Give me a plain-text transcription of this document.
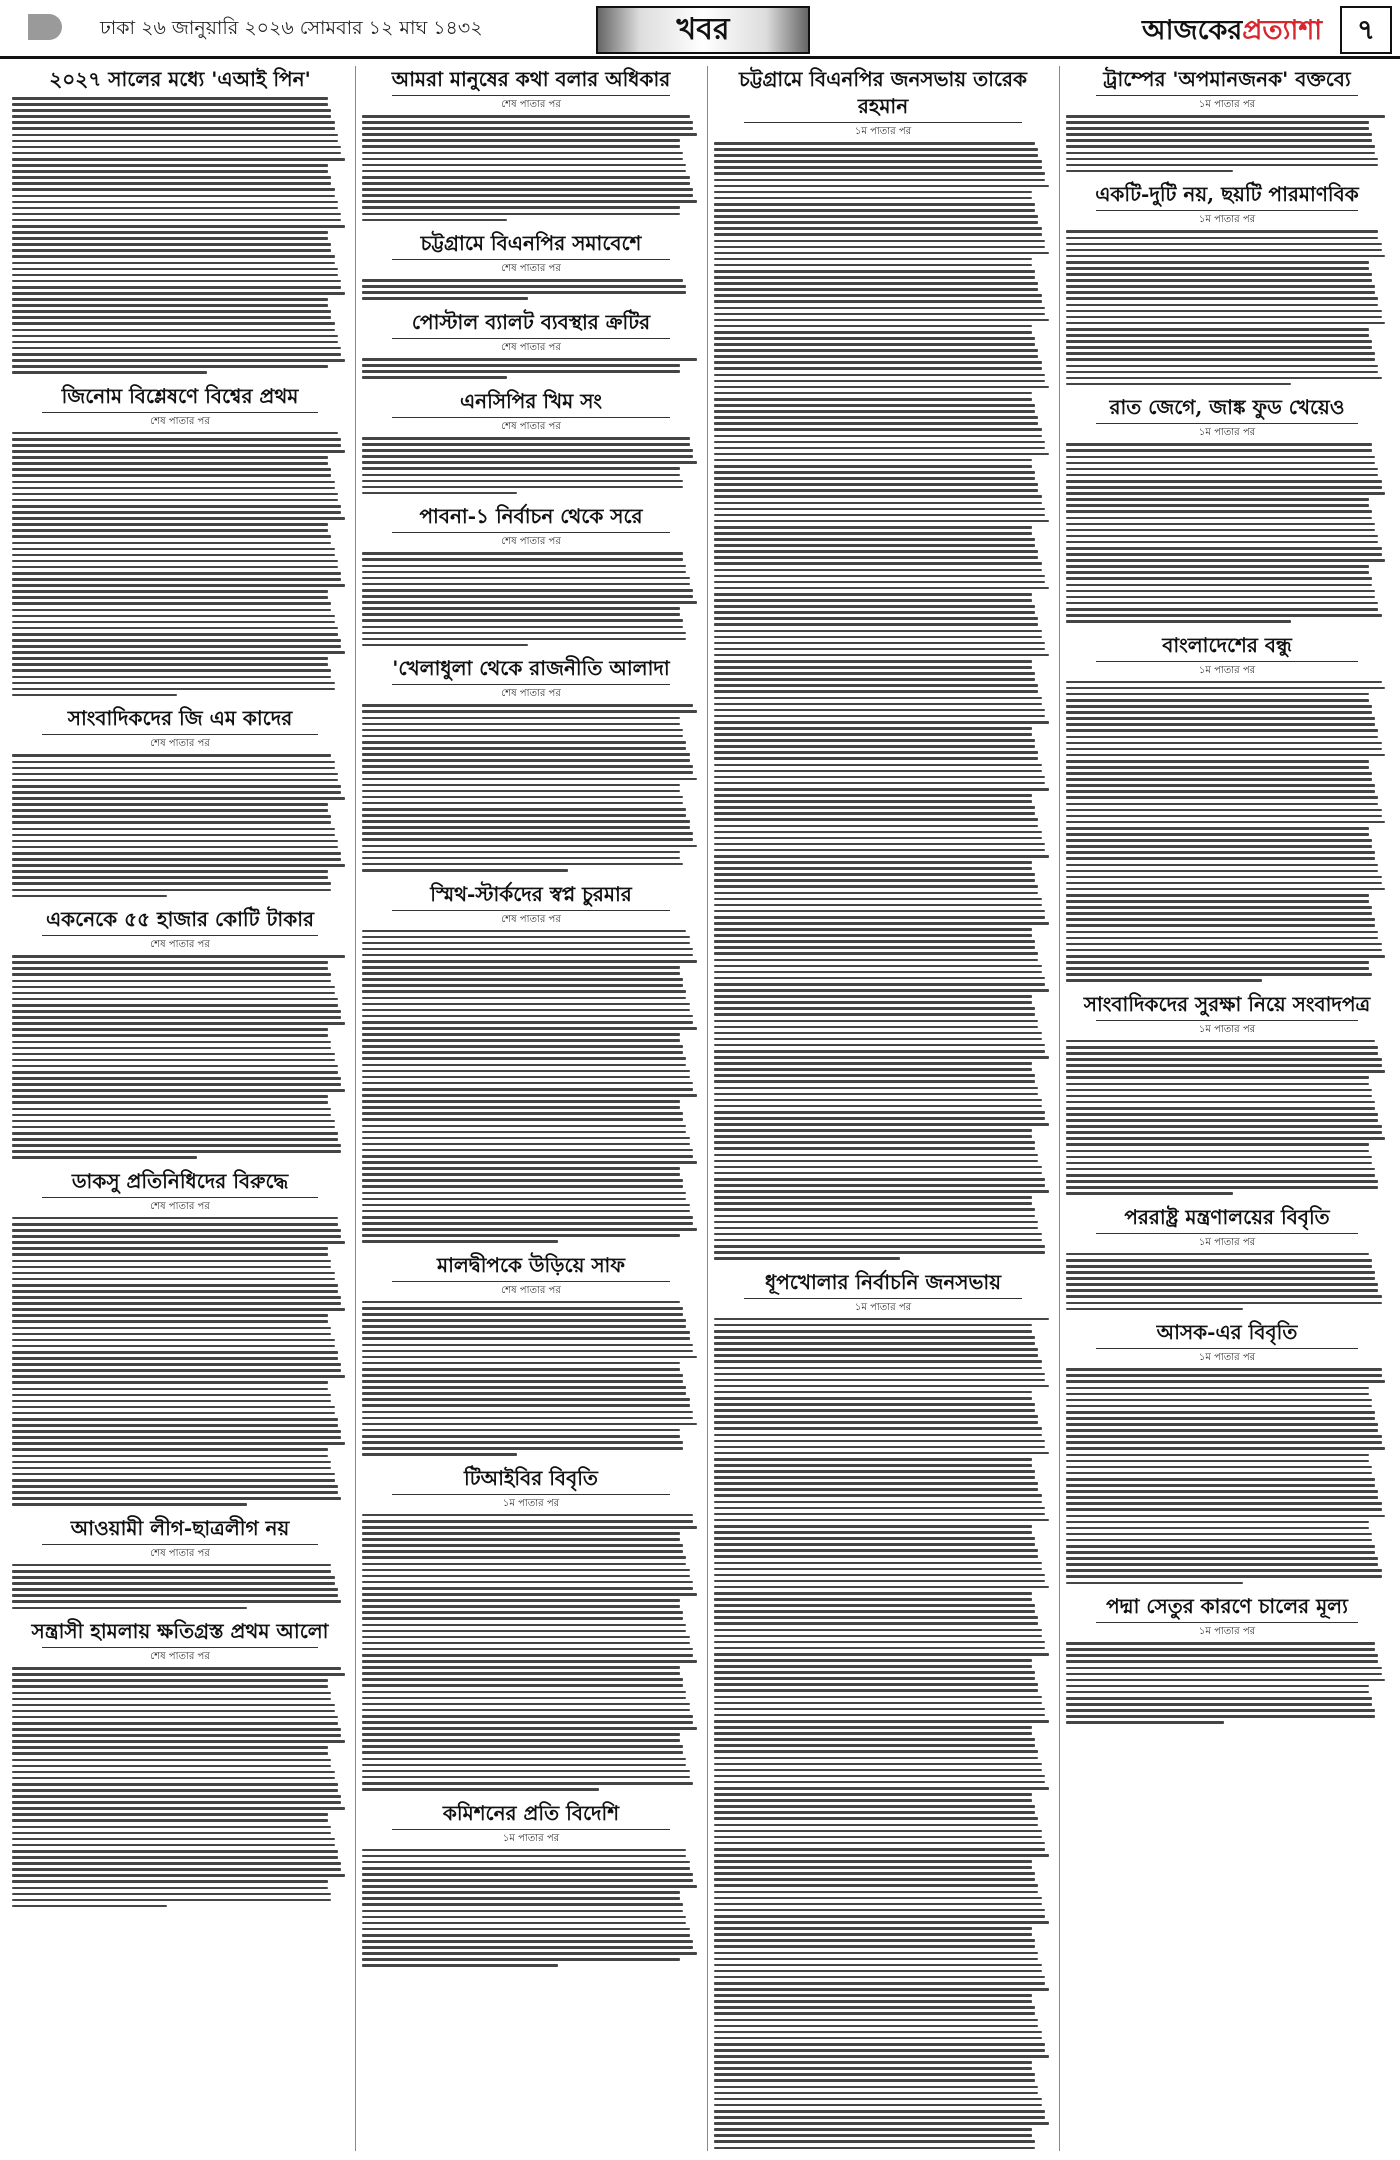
ঢাকা ২৬ জানুয়ারি ২০২৬ সোমবার ১২ মাঘ ১৪৩২	খবর	আজকেরপ্রত্যাশা	৭
২০২৭ সালের মধ্যে 'এআই পিন'
জিনোম বিশ্লেষণে বিশ্বের প্রথম
শেষ পাতার পর
সাংবাদিকদের জি এম কাদের
শেষ পাতার পর
একনেকে ৫৫ হাজার কোটি টাকার
শেষ পাতার পর
ডাকসু প্রতিনিধিদের বিরুদ্ধে
শেষ পাতার পর
আওয়ামী লীগ-ছাত্রলীগ নয়
শেষ পাতার পর
সন্ত্রাসী হামলায় ক্ষতিগ্রস্ত প্রথম আলো
শেষ পাতার পর
আমরা মানুষের কথা বলার অধিকার
শেষ পাতার পর
চট্টগ্রামে বিএনপির সমাবেশে
শেষ পাতার পর
পোস্টাল ব্যালট ব্যবস্থার ক্রটির
শেষ পাতার পর
এনসিপির খিম সং
শেষ পাতার পর
পাবনা-১ নির্বাচন থেকে সরে
শেষ পাতার পর
'খেলাধুলা থেকে রাজনীতি আলাদা
শেষ পাতার পর
স্মিথ-স্টার্কদের স্বপ্ন চুরমার
শেষ পাতার পর
মালদ্বীপকে উড়িয়ে সাফ
শেষ পাতার পর
টিআইবির বিবৃতি
১ম পাতার পর
কমিশনের প্রতি বিদেশি
১ম পাতার পর
চট্টগ্রামে বিএনপির জনসভায় তারেক রহমান
১ম পাতার পর
ধূপখোলার নির্বাচনি জনসভায়
১ম পাতার পর
ট্রাম্পের 'অপমানজনক' বক্তব্যে
১ম পাতার পর
একটি-দুটি নয়, ছয়টি পারমাণবিক
১ম পাতার পর
রাত জেগে, জাঙ্ক ফুড খেয়েও
১ম পাতার পর
বাংলাদেশের বন্ধু
১ম পাতার পর
সাংবাদিকদের সুরক্ষা নিয়ে সংবাদপত্র
১ম পাতার পর
পররাষ্ট্র মন্ত্রণালয়ের বিবৃতি
১ম পাতার পর
আসক-এর বিবৃতি
১ম পাতার পর
পদ্মা সেতুর কারণে চালের মূল্য
১ম পাতার পর
